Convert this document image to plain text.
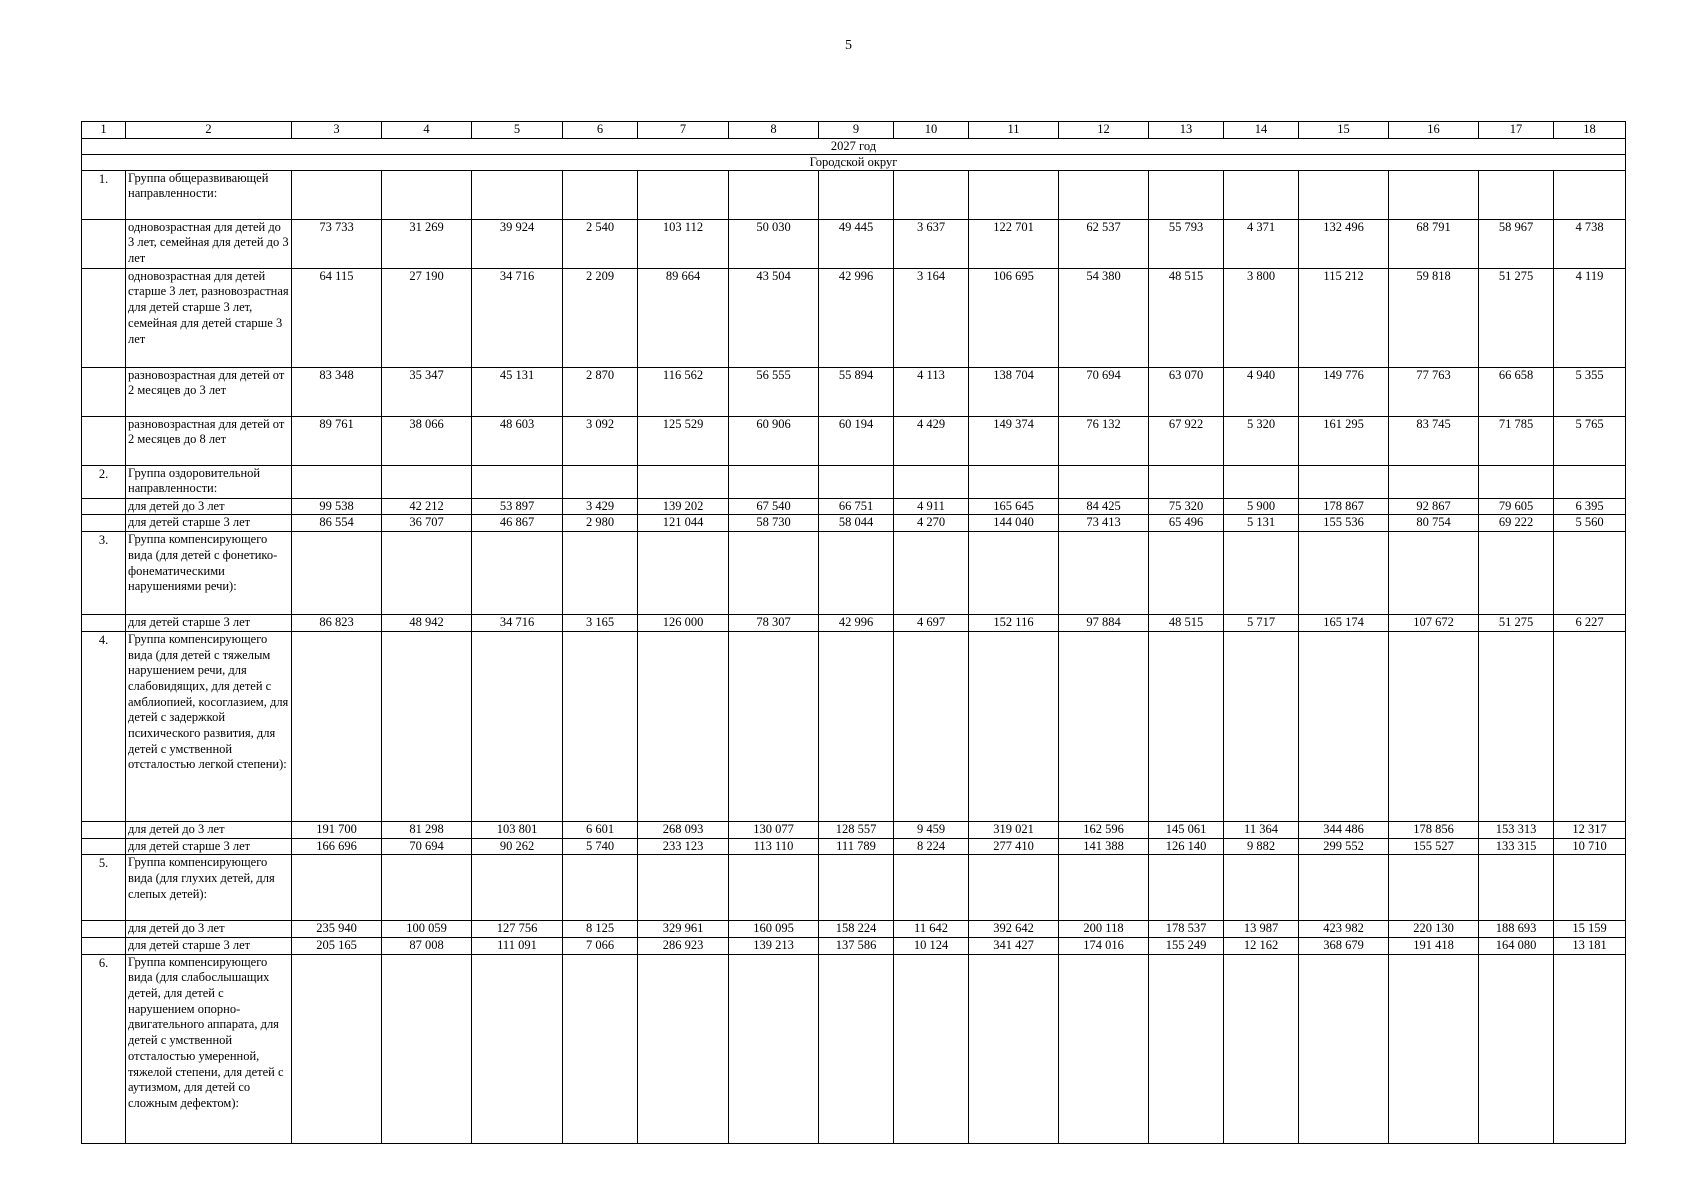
5
1	2	3	4	5	6	7	8	9	10	11	12	13	14	15	16	17	18
2027 год																	
Городской округ																	
1.	Группа общеразвивающей направленности:																
	одновозрастная для детей до 3 лет, семейная для детей до 3 лет	73 733	31 269	39 924	2 540	103 112	50 030	49 445	3 637	122 701	62 537	55 793	4 371	132 496	68 791	58 967	4 738
	одновозрастная для детей старше 3 лет, разновозрастная для детей старше 3 лет, семейная для детей старше 3 лет	64 115	27 190	34 716	2 209	89 664	43 504	42 996	3 164	106 695	54 380	48 515	3 800	115 212	59 818	51 275	4 119
	разновозрастная для детей от 2 месяцев до 3 лет	83 348	35 347	45 131	2 870	116 562	56 555	55 894	4 113	138 704	70 694	63 070	4 940	149 776	77 763	66 658	5 355
	разновозрастная для детей от 2 месяцев до 8 лет	89 761	38 066	48 603	3 092	125 529	60 906	60 194	4 429	149 374	76 132	67 922	5 320	161 295	83 745	71 785	5 765
2.	Группа оздоровительной направленности:																
	для детей до 3 лет	99 538	42 212	53 897	3 429	139 202	67 540	66 751	4 911	165 645	84 425	75 320	5 900	178 867	92 867	79 605	6 395
	для детей старше 3 лет	86 554	36 707	46 867	2 980	121 044	58 730	58 044	4 270	144 040	73 413	65 496	5 131	155 536	80 754	69 222	5 560
3.	Группа компенсирующего вида (для детей с фонетико-фонематическими нарушениями речи):																
	для детей старше 3 лет	86 823	48 942	34 716	3 165	126 000	78 307	42 996	4 697	152 116	97 884	48 515	5 717	165 174	107 672	51 275	6 227
4.	Группа компенсирующего вида (для детей с тяжелым нарушением речи, для слабовидящих, для детей с амблиопией, косоглазием, для детей с задержкой психического развития, для детей с умственной отсталостью легкой степени):																
	для детей до 3 лет	191 700	81 298	103 801	6 601	268 093	130 077	128 557	9 459	319 021	162 596	145 061	11 364	344 486	178 856	153 313	12 317
	для детей старше 3 лет	166 696	70 694	90 262	5 740	233 123	113 110	111 789	8 224	277 410	141 388	126 140	9 882	299 552	155 527	133 315	10 710
5.	Группа компенсирующего вида (для глухих детей, для слепых детей):																
	для детей до 3 лет	235 940	100 059	127 756	8 125	329 961	160 095	158 224	11 642	392 642	200 118	178 537	13 987	423 982	220 130	188 693	15 159
	для детей старше 3 лет	205 165	87 008	111 091	7 066	286 923	139 213	137 586	10 124	341 427	174 016	155 249	12 162	368 679	191 418	164 080	13 181
6.	Группа компенсирующего вида (для слабослышащих детей, для детей с нарушением опорно-двигательного аппарата, для детей с умственной отсталостью умеренной, тяжелой степени, для детей с аутизмом, для детей со сложным дефектом):																
